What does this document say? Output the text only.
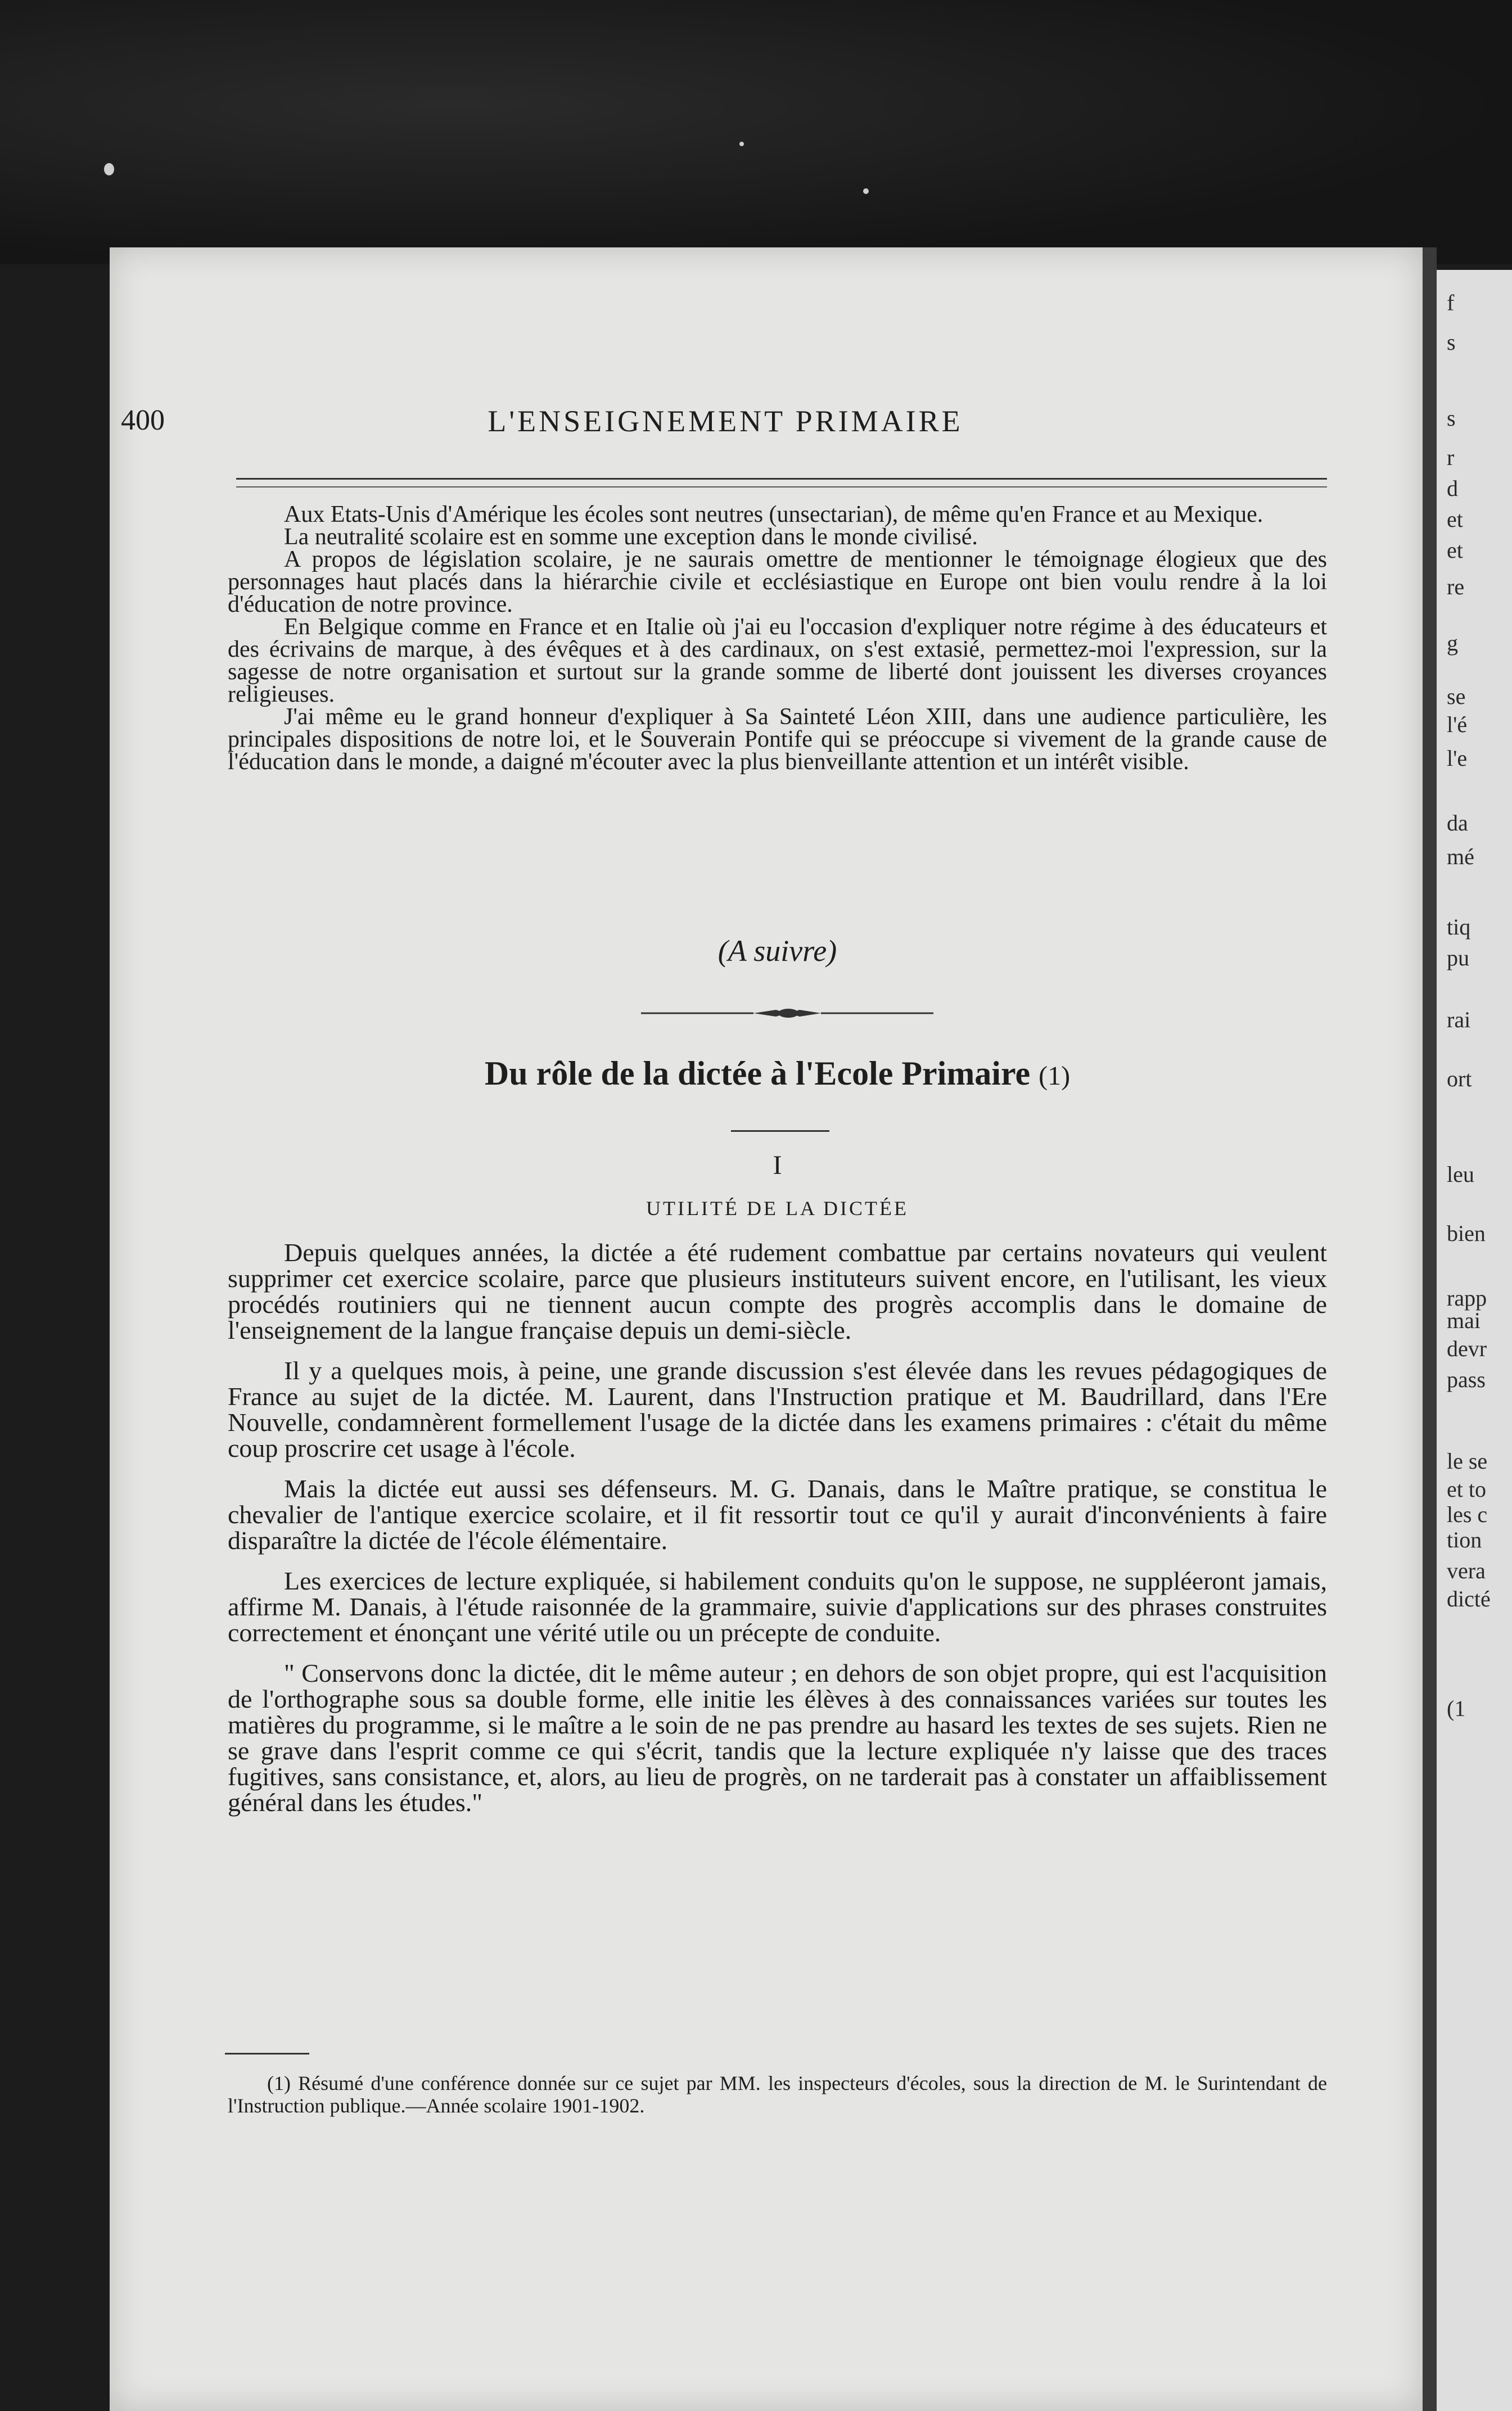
f
s
s
r
d
et
et
re
g
se
l'é
l'e
da
mé
tiq
pu
rai
ort
leu
bien
rapp
mai
devr
pass
le se
et to
les c
tion
vera
dicté
(1
400	L'ENSEIGNEMENT PRIMAIRE

Aux Etats-Unis d'Amérique les écoles sont neutres (unsectarian), de même qu'en France et au Mexique.

La neutralité scolaire est en somme une exception dans le monde civilisé.

A propos de législation scolaire, je ne saurais omettre de mentionner le témoignage élogieux que des personnages haut placés dans la hiérarchie civile et ecclésiastique en Europe ont bien voulu rendre à la loi d'éducation de notre province.

En Belgique comme en France et en Italie où j'ai eu l'occasion d'expliquer notre régime à des éducateurs et des écrivains de marque, à des évêques et à des cardinaux, on s'est extasié, permettez-moi l'expression, sur la sagesse de notre organisation et surtout sur la grande somme de liberté dont jouissent les diverses croyances religieuses.

J'ai même eu le grand honneur d'expliquer à Sa Sainteté Léon XIII, dans une audience particulière, les principales dispositions de notre loi, et le Souverain Pontife qui se préoccupe si vivement de la grande cause de l'éducation dans le monde, a daigné m'écouter avec la plus bienveillante attention et un intérêt visible.

(A suivre)
Du rôle de la dictée à l'Ecole Primaire (1)
I
UTILITÉ DE LA DICTÉE

Depuis quelques années, la dictée a été rudement combattue par certains novateurs qui veulent supprimer cet exercice scolaire, parce que plusieurs instituteurs suivent encore, en l'utilisant, les vieux procédés routiniers qui ne tiennent aucun compte des progrès accomplis dans le domaine de l'enseignement de la langue française depuis un demi-siècle.

Il y a quelques mois, à peine, une grande discussion s'est élevée dans les revues pédagogiques de France au sujet de la dictée. M. Laurent, dans l'Instruction pratique et M. Baudrillard, dans l'Ere Nouvelle, condamnèrent formellement l'usage de la dictée dans les examens primaires : c'était du même coup proscrire cet usage à l'école.

Mais la dictée eut aussi ses défenseurs. M. G. Danais, dans le Maître pratique, se constitua le chevalier de l'antique exercice scolaire, et il fit ressortir tout ce qu'il y aurait d'inconvénients à faire disparaître la dictée de l'école élémentaire.

Les exercices de lecture expliquée, si habilement conduits qu'on le suppose, ne suppléeront jamais, affirme M. Danais, à l'étude raisonnée de la grammaire, suivie d'applications sur des phrases construites correctement et énonçant une vérité utile ou un précepte de conduite.

" Conservons donc la dictée, dit le même auteur ; en dehors de son objet propre, qui est l'acquisition de l'orthographe sous sa double forme, elle initie les élèves à des connaissances variées sur toutes les matières du programme, si le maître a le soin de ne pas prendre au hasard les textes de ses sujets. Rien ne se grave dans l'esprit comme ce qui s'écrit, tandis que la lecture expliquée n'y laisse que des traces fugitives, sans consistance, et, alors, au lieu de progrès, on ne tarderait pas à constater un affaiblissement général dans les études."

(1) Résumé d'une conférence donnée sur ce sujet par MM. les inspecteurs d'écoles, sous la direction de M. le Surintendant de l'Instruction publique.—Année scolaire 1901-1902.
